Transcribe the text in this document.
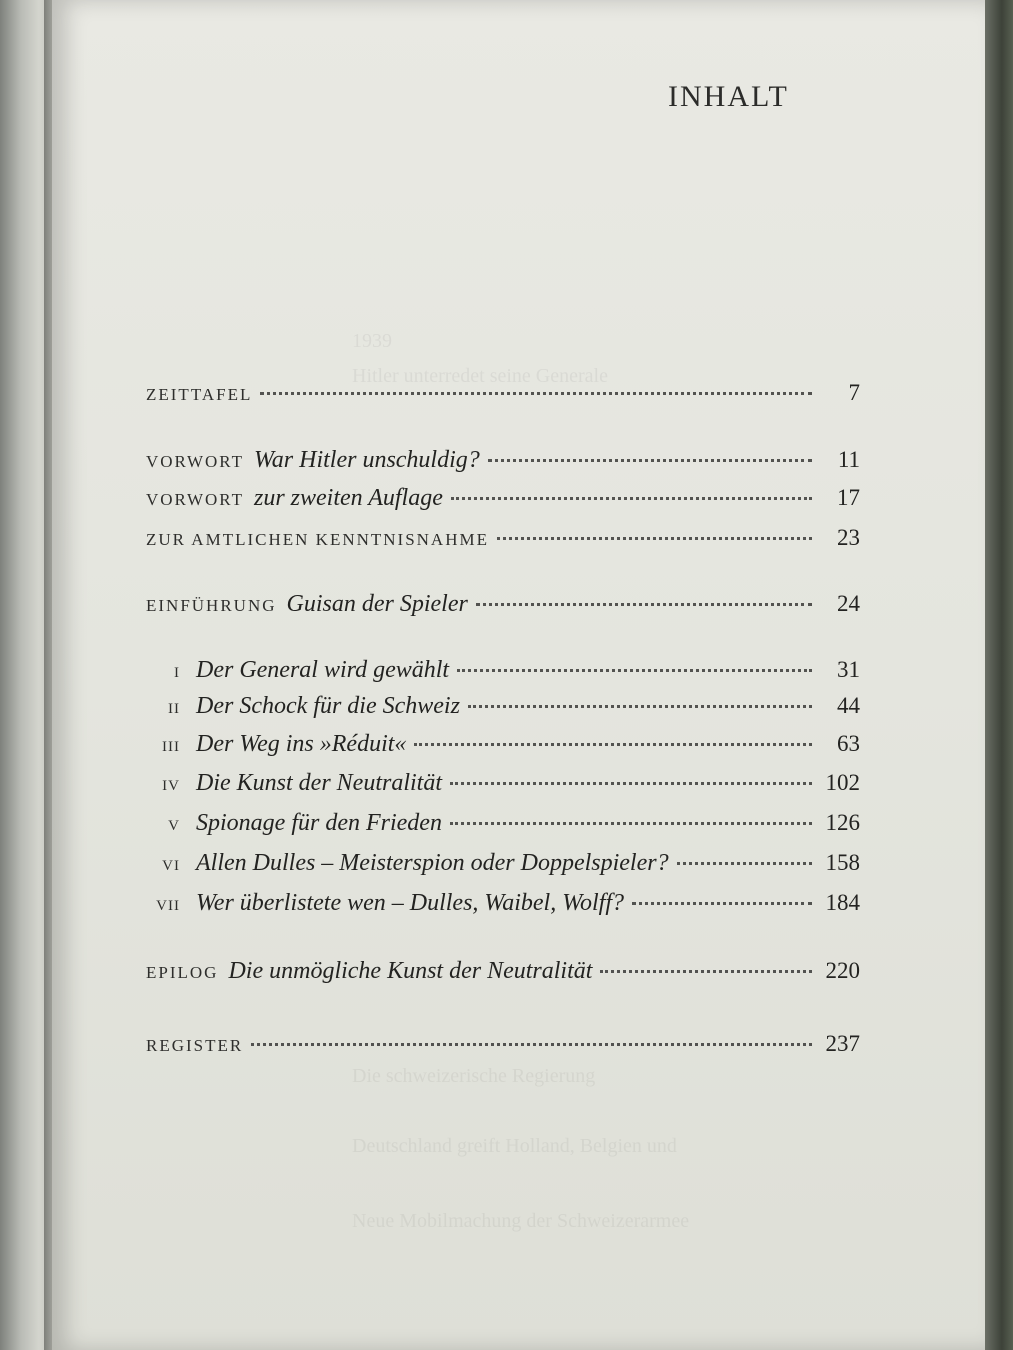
1939
Hitler unterredet seine Generale
Die schweizerische Regierung
Deutschland greift Holland, Belgien und
Neue Mobilmachung der Schweizerarmee
INHALT
ZEITTAFEL	7
VORWORT War Hitler unschuldig?	11
VORWORT zur zweiten Auflage	17
ZUR AMTLICHEN KENNTNISNAHME	23
EINFÜHRUNG Guisan der Spieler	24
I Der General wird gewählt	31
II Der Schock für die Schweiz	44
III Der Weg ins »Réduit«	63
IV Die Kunst der Neutralität	102
V Spionage für den Frieden	126
VI Allen Dulles – Meisterspion oder Doppelspieler?	158
VII Wer überlistete wen – Dulles, Waibel, Wolff?	184
EPILOG Die unmögliche Kunst der Neutralität	220
REGISTER	237
